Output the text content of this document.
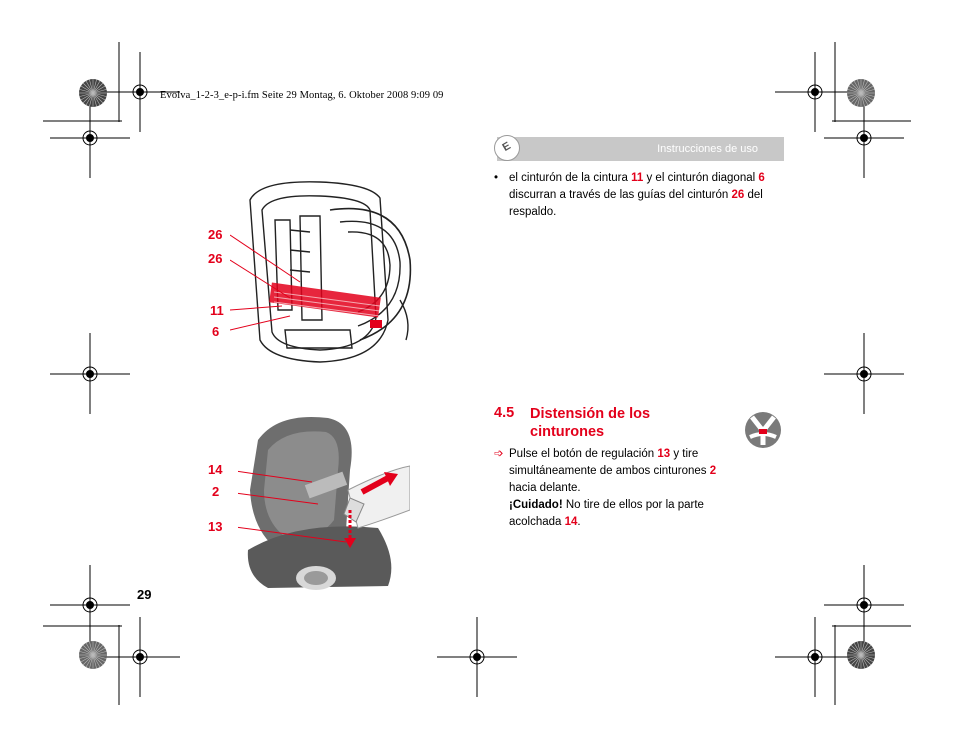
Evolva_1-2-3_e-p-i.fm Seite 29 Montag, 6. Oktober 2008 9:09 09
Instrucciones de uso
E
• el cinturón de la cintura 11 y el cinturón diagonal 6 discurran a través de las guías del cinturón 26 del respaldo.
4.5 Distensión de los cinturones
➩ Pulse el botón de regulación 13 y tire simultáneamente de ambos cinturones 2 hacia delante.
¡Cuidado! No tire de ellos por la parte acolchada 14.
26
26
11
6
14
2
13
29
